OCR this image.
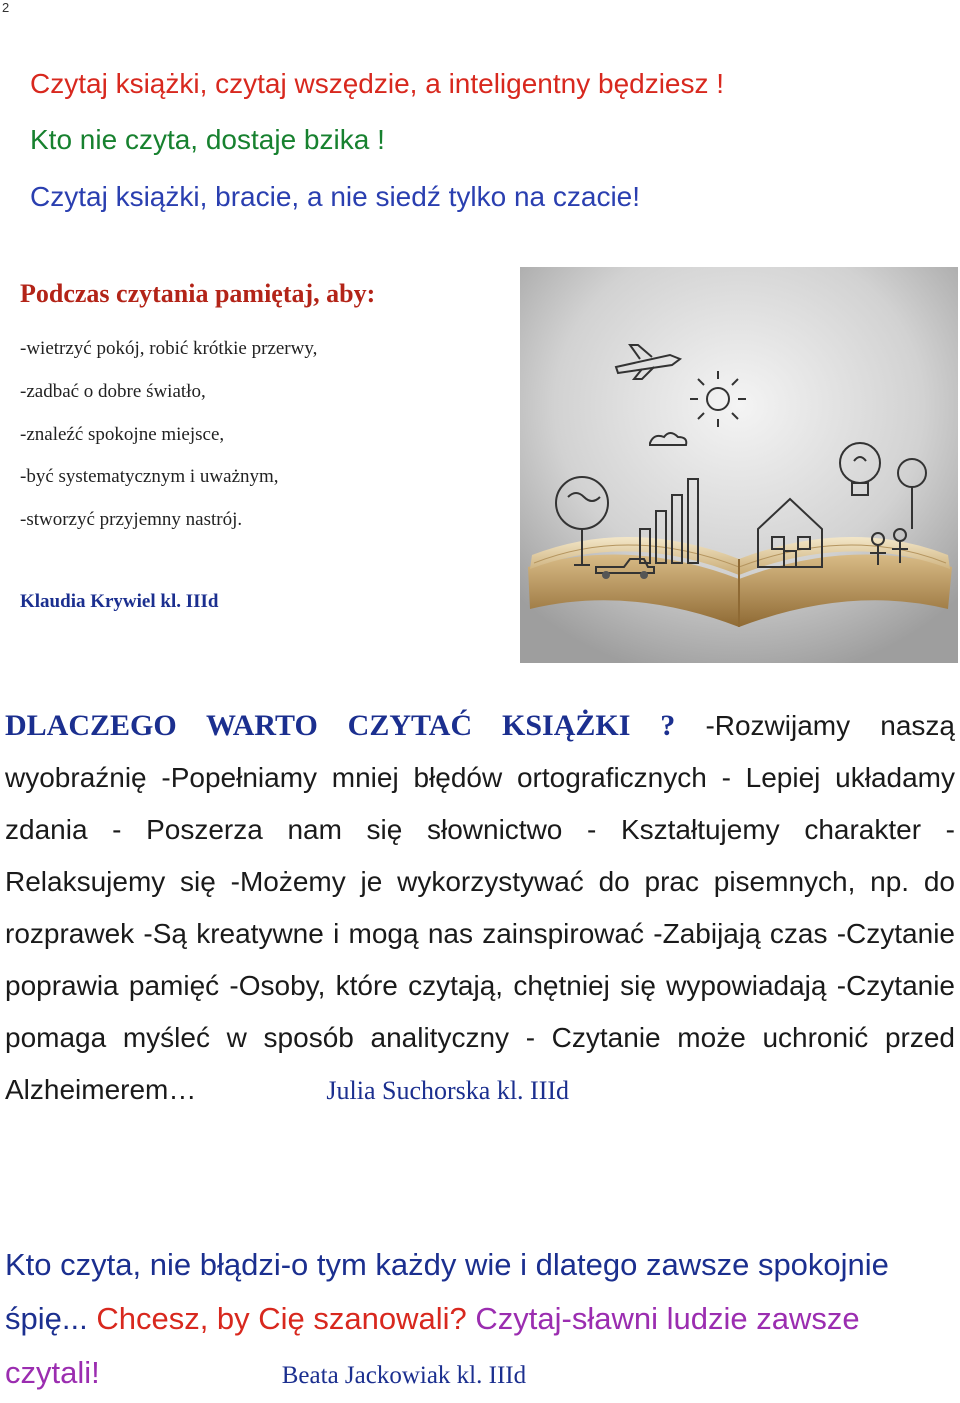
2
Czytaj książki, czytaj wszędzie, a inteligentny będziesz !
Kto nie czyta, dostaje bzika !
Czytaj książki, bracie, a nie siedź tylko na czacie!
Podczas czytania pamiętaj, aby:
-wietrzyć pokój, robić krótkie przerwy,
-zadbać o dobre światło,
-znaleźć spokojne miejsce,
-być systematycznym i uważnym,
-stworzyć przyjemny nastrój.
Klaudia Krywiel kl. IIId

DLACZEGO WARTO CZYTAĆ KSIĄŻKI ? -Rozwijamy naszą wyobraźnię -Popełniamy mniej błędów ortograficznych - Lepiej układamy zdania - Poszerza nam się słownictwo - Kształtujemy charakter -Relaksujemy się -Możemy je wykorzystywać do prac pisemnych, np. do rozprawek -Są kreatywne i mogą nas zainspirować -Zabijają czas -Czytanie poprawia pamięć -Osoby, które czytają, chętniej się wypowiadają -Czytanie pomaga myśleć w sposób analityczny - Czytanie może uchronić przed Alzheimerem…	Julia Suchorska kl. IIId

Kto czyta, nie błądzi-o tym każdy wie i dlatego zawsze spokojnie śpię... Chcesz, by Cię szanowali? Czytaj-sławni ludzie zawsze czytali!	Beata Jackowiak kl. IIId
